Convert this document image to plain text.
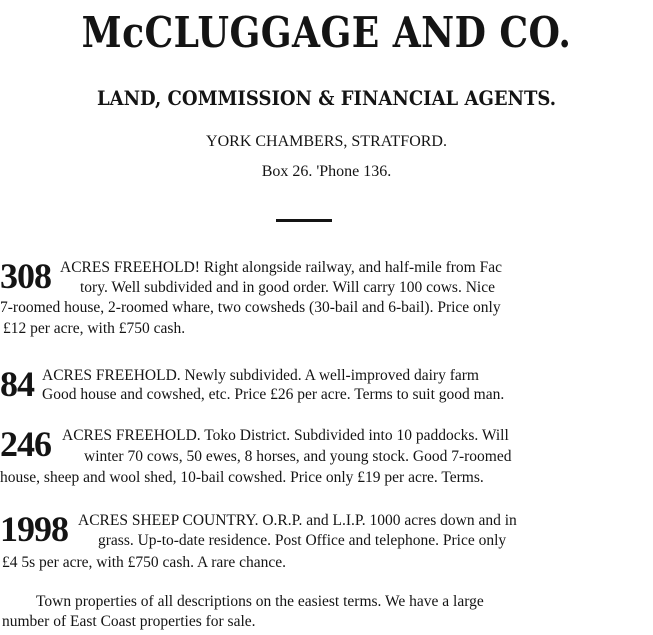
McCLUGGAGE AND CO.
LAND, COMMISSION & FINANCIAL AGENTS.
YORK CHAMBERS, STRATFORD.
Box 26. 'Phone 136.
308 ACRES FREEHOLD! Right alongside railway, and half-mile from Fac
tory. Well subdivided and in good order. Will carry 100 cows. Nice
7-roomed house, 2-roomed whare, two cowsheds (30-bail and 6-bail). Price only
£12 per acre, with £750 cash.
84 ACRES FREEHOLD. Newly subdivided. A well-improved dairy farm
Good house and cowshed, etc. Price £26 per acre. Terms to suit good man.
246 ACRES FREEHOLD. Toko District. Subdivided into 10 paddocks. Will
winter 70 cows, 50 ewes, 8 horses, and young stock. Good 7-roomed
house, sheep and wool shed, 10-bail cowshed. Price only £19 per acre. Terms.
1998 ACRES SHEEP COUNTRY. O.R.P. and L.I.P. 1000 acres down and in
grass. Up-to-date residence. Post Office and telephone. Price only
£4 5s per acre, with £750 cash. A rare chance.
Town properties of all descriptions on the easiest terms. We have a large
number of East Coast properties for sale.
